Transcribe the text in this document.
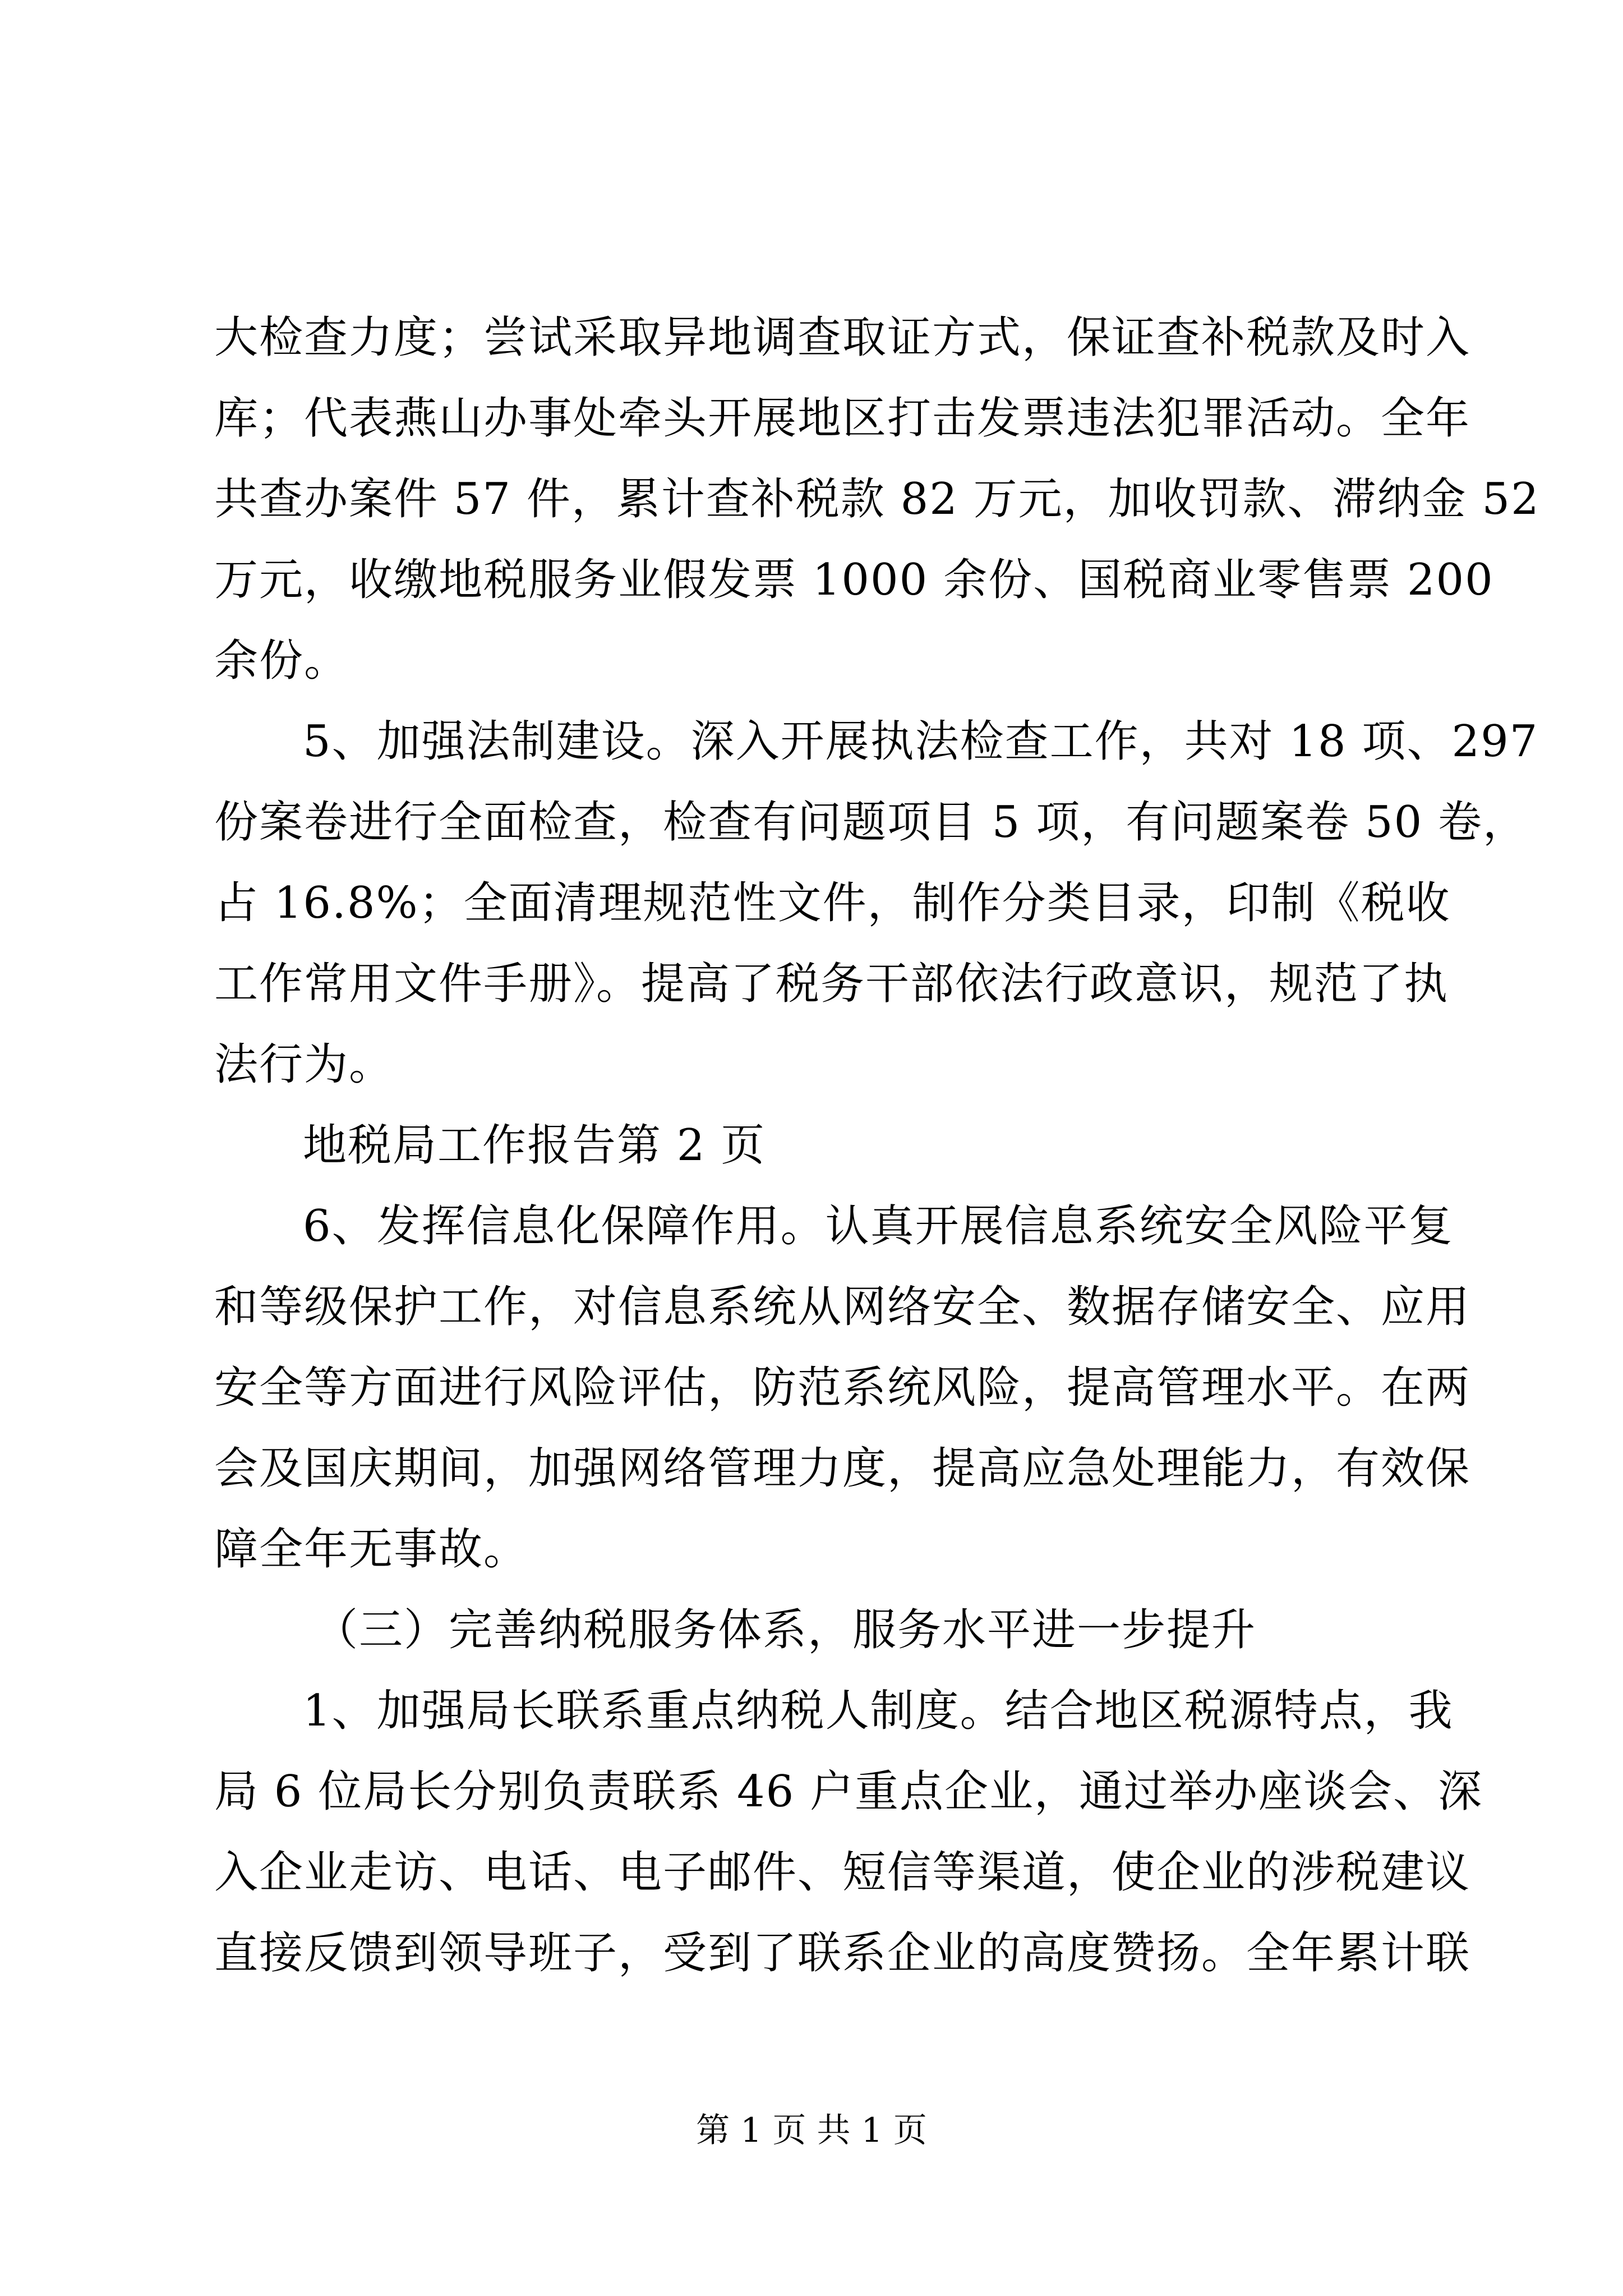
大检查力度；尝试采取异地调查取证方式，保证查补税款及时入
库；代表燕山办事处牵头开展地区打击发票违法犯罪活动。全年
共查办案件 57 件，累计查补税款 82 万元，加收罚款、滞纳金 52
万元，收缴地税服务业假发票 1000 余份、国税商业零售票 200
余份。
5、加强法制建设。深入开展执法检查工作，共对 18 项、297
份案卷进行全面检查，检查有问题项目 5 项，有问题案卷 50 卷，
占 16.8%；全面清理规范性文件，制作分类目录，印制《税收
工作常用文件手册》。提高了税务干部依法行政意识，规范了执
法行为。
地税局工作报告第 2 页
6、发挥信息化保障作用。认真开展信息系统安全风险平复
和等级保护工作，对信息系统从网络安全、数据存储安全、应用
安全等方面进行风险评估，防范系统风险，提高管理水平。在两
会及国庆期间，加强网络管理力度，提高应急处理能力，有效保
障全年无事故。
（三）完善纳税服务体系，服务水平进一步提升
1、加强局长联系重点纳税人制度。结合地区税源特点，我
局 6 位局长分别负责联系 46 户重点企业，通过举办座谈会、深
入企业走访、电话、电子邮件、短信等渠道，使企业的涉税建议
直接反馈到领导班子，受到了联系企业的高度赞扬。全年累计联
第 1 页 共 1 页
